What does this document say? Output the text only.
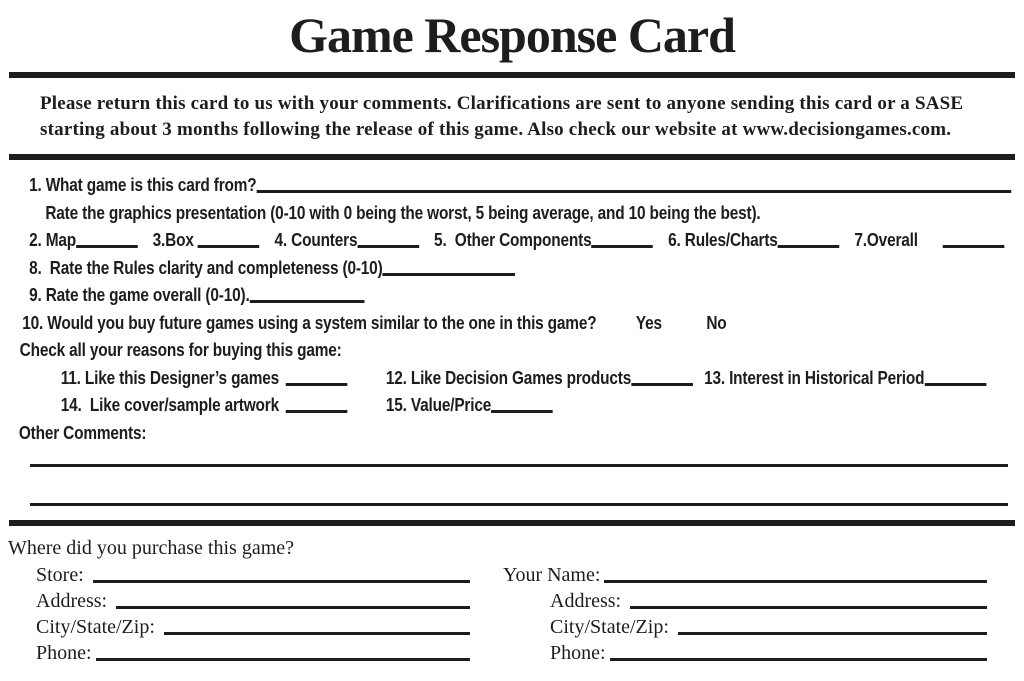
Game Response Card
Please return this card to us with your comments. Clarifications are sent to anyone sending this card or a SASE
starting about 3 months following the release of this game. Also check our website at www.decisiongames.com.
1. What game is this card from?
Rate the graphics presentation (0-10 with 0 being the worst, 5 being average, and 10 being the best).
2. Map	3.Box	4. Counters	5.  Other Components	6. Rules/Charts	7.Overall
8.  Rate the Rules clarity and completeness (0-10)
9. Rate the game overall (0-10).
10. Would you buy future games using a system similar to the one in this game? Yes No
Check all your reasons for buying this game:
11. Like this Designer’s games	12. Like Decision Games products	13. Interest in Historical Period
14.  Like cover/sample artwork	15. Value/Price
Other Comments:
Where did you purchase this game?
Store:
Address:
City/State/Zip:
Phone:
Your Name:
Address:
City/State/Zip:
Phone:
